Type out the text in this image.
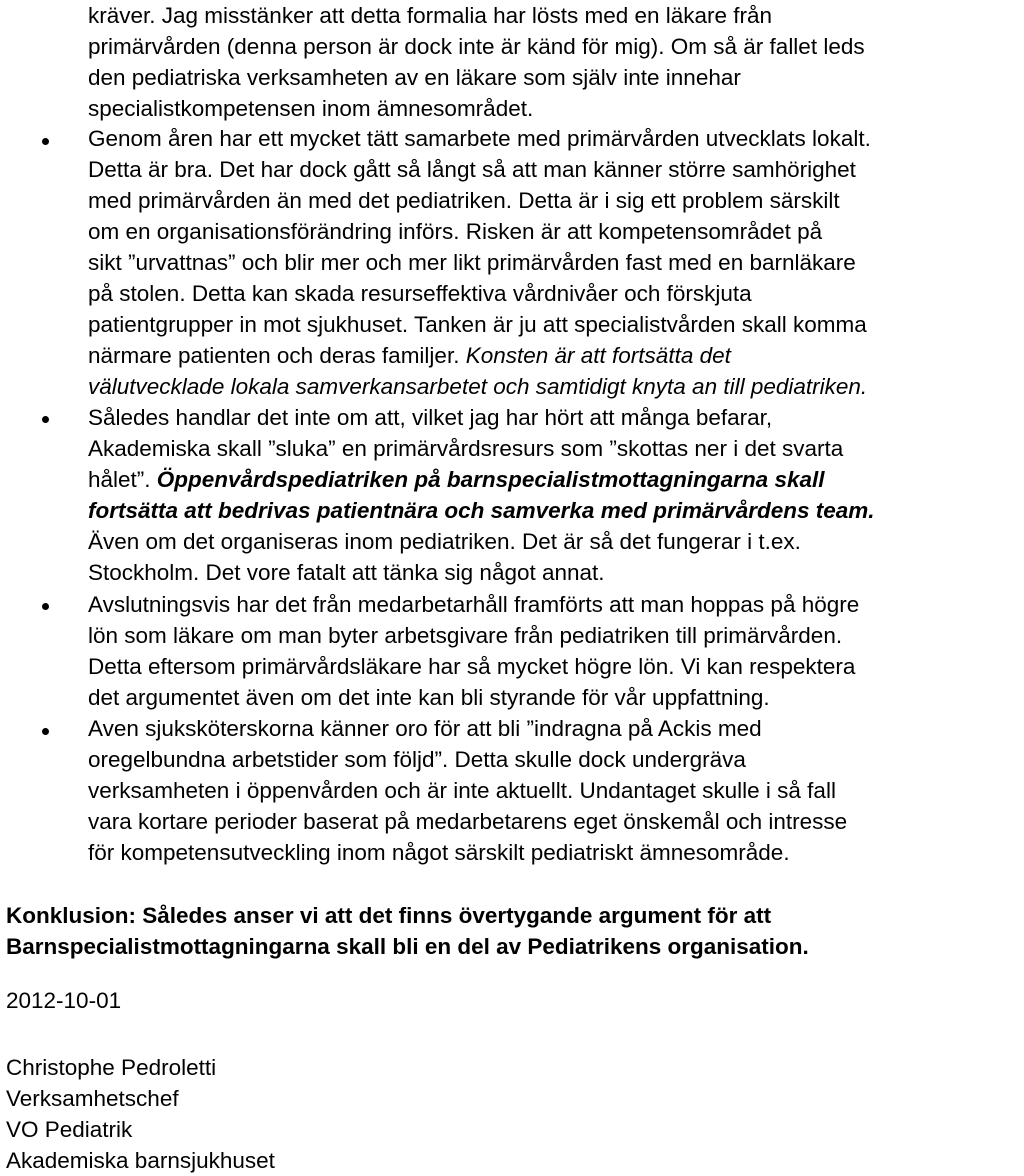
kräver. Jag misstänker att detta formalia har lösts med en läkare från
primärvården (denna person är dock inte är känd för mig). Om så är fallet leds
den pediatriska verksamheten av en läkare som själv inte innehar
specialistkompetensen inom ämnesområdet.
Genom åren har ett mycket tätt samarbete med primärvården utvecklats lokalt.
Detta är bra. Det har dock gått så långt så att man känner större samhörighet
med primärvården än med det pediatriken. Detta är i sig ett problem särskilt
om en organisationsförändring införs. Risken är att kompetensområdet på
sikt ”urvattnas” och blir mer och mer likt primärvården fast med en barnläkare
på stolen. Detta kan skada resurseffektiva vårdnivåer och förskjuta
patientgrupper in mot sjukhuset. Tanken är ju att specialistvården skall komma
närmare patienten och deras familjer. Konsten är att fortsätta det
välutvecklade lokala samverkansarbetet och samtidigt knyta an till pediatriken.
Således handlar det inte om att, vilket jag har hört att många befarar,
Akademiska skall ”sluka” en primärvårdsresurs som ”skottas ner i det svarta
hålet”. Öppenvårdspediatriken på barnspecialistmottagningarna skall
fortsätta att bedrivas patientnära och samverka med primärvårdens team.
Även om det organiseras inom pediatriken. Det är så det fungerar i t.ex.
Stockholm. Det vore fatalt att tänka sig något annat.
Avslutningsvis har det från medarbetarhåll framförts att man hoppas på högre
lön som läkare om man byter arbetsgivare från pediatriken till primärvården.
Detta eftersom primärvårdsläkare har så mycket högre lön. Vi kan respektera
det argumentet även om det inte kan bli styrande för vår uppfattning.
Aven sjuksköterskorna känner oro för att bli ”indragna på Ackis med
oregelbundna arbetstider som följd”. Detta skulle dock undergräva
verksamheten i öppenvården och är inte aktuellt. Undantaget skulle i så fall
vara kortare perioder baserat på medarbetarens eget önskemål och intresse
för kompetensutveckling inom något särskilt pediatriskt ämnesområde.
Konklusion: Således anser vi att det finns övertygande argument för att
Barnspecialistmottagningarna skall bli en del av Pediatrikens organisation.
2012-10-01
Christophe Pedroletti
Verksamhetschef
VO Pediatrik
Akademiska barnsjukhuset
